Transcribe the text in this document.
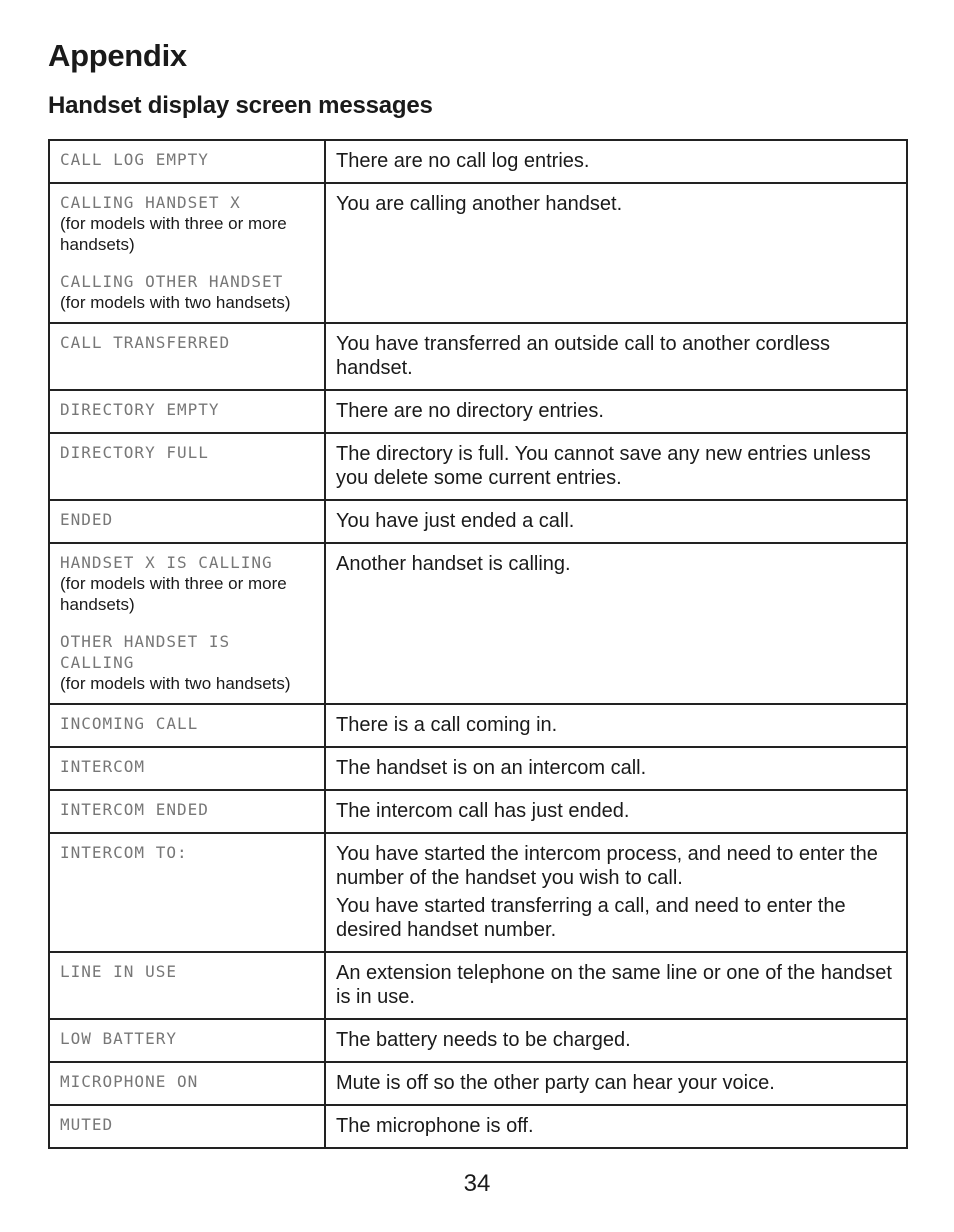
Appendix
Handset display screen messages
CALL LOG EMPTY	There are no call log entries.

CALLING HANDSET X
(for models with three or more handsets)
CALLING OTHER HANDSET
(for models with two handsets)	You are calling another handset.

CALL TRANSFERRED	You have transferred an outside call to another cordless handset.

DIRECTORY EMPTY	There are no directory entries.

DIRECTORY FULL	The directory is full. You cannot save any new entries unless you delete some current entries.

ENDED	You have just ended a call.

HANDSET X IS CALLING
(for models with three or more handsets)
OTHER HANDSET IS CALLING
(for models with two handsets)	Another handset is calling.

INCOMING CALL	There is a call coming in.

INTERCOM	The handset is on an intercom call.

INTERCOM ENDED	The intercom call has just ended.

INTERCOM TO:	You have started the intercom process, and need to enter the number of the handset you wish to call.

You have started transferring a call, and need to enter the desired handset number.

LINE IN USE	An extension telephone on the same line or one of the handset is in use.

LOW BATTERY	The battery needs to be charged.

MICROPHONE ON	Mute is off so the other party can hear your voice.

MUTED	The microphone is off.

34
